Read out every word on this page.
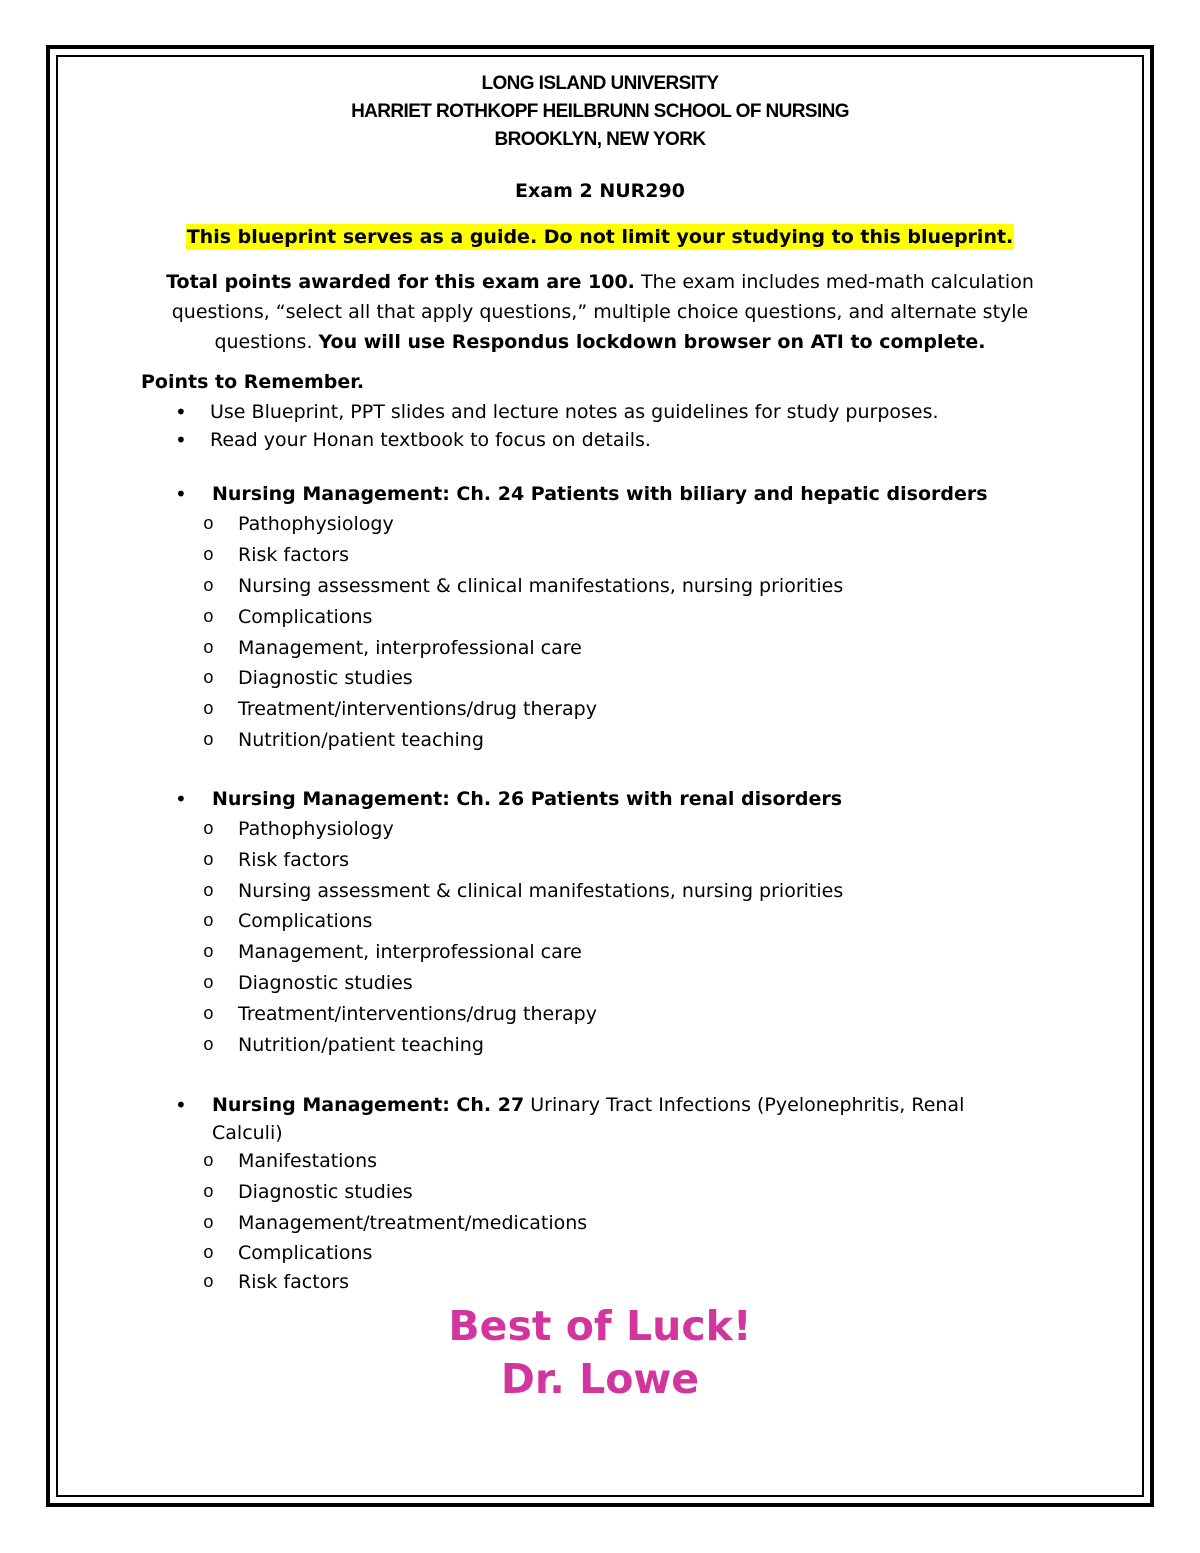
LONG ISLAND UNIVERSITY

HARRIET ROTHKOPF HEILBRUNN SCHOOL OF NURSING

BROOKLYN, NEW YORK

Exam 2 NUR290

This blueprint serves as a guide. Do not limit your studying to this blueprint.

Total points awarded for this exam are 100. The exam includes med-math calculation questions, “select all that apply questions,” multiple choice questions, and alternate style questions. You will use Respondus lockdown browser on ATI to complete.

Points to Remember.

• Use Blueprint, PPT slides and lecture notes as guidelines for study purposes.
• Read your Honan textbook to focus on details.
• Nursing Management: Ch. 24 Patients with biliary and hepatic disorders
o Pathophysiology
o Risk factors
o Nursing assessment & clinical manifestations, nursing priorities
o Complications
o Management, interprofessional care
o Diagnostic studies
o Treatment/interventions/drug therapy
o Nutrition/patient teaching
• Nursing Management: Ch. 26 Patients with renal disorders
o Pathophysiology
o Risk factors
o Nursing assessment & clinical manifestations, nursing priorities
o Complications
o Management, interprofessional care
o Diagnostic studies
o Treatment/interventions/drug therapy
o Nutrition/patient teaching
• Nursing Management: Ch. 27 Urinary Tract Infections (Pyelonephritis, Renal Calculi)
o Manifestations
o Diagnostic studies
o Management/treatment/medications
o Complications
o Risk factors

Best of Luck!

Dr. Lowe
